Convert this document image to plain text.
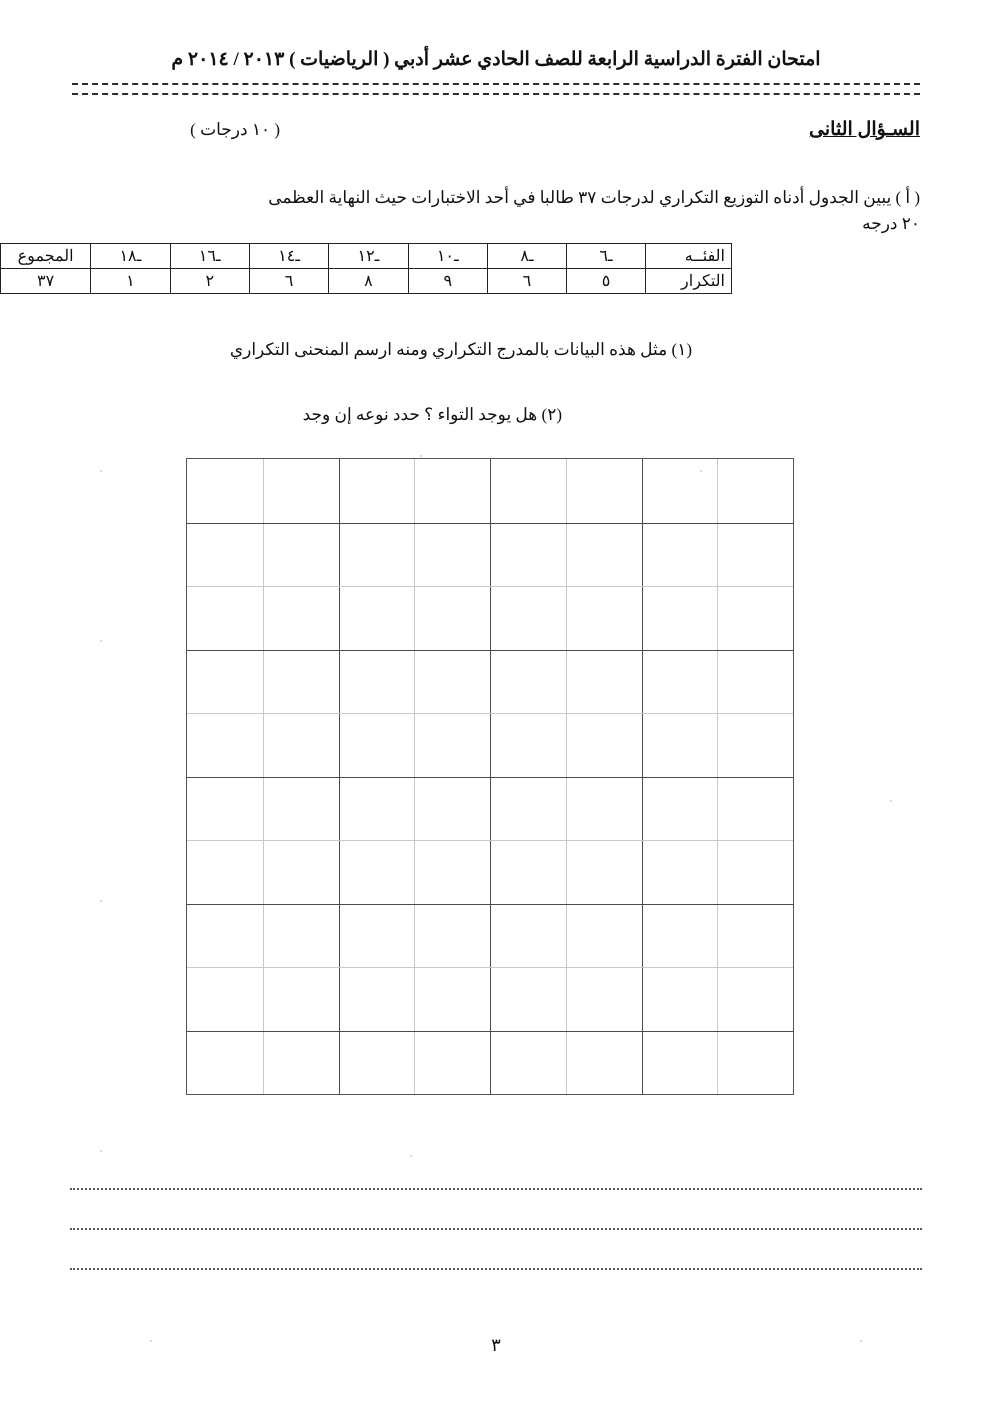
امتحان الفترة الدراسية الرابعة للصف الحادي عشر أدبي ( الرياضيات ) ٢٠١٣ / ٢٠١٤ م
السـؤال الثانى
( ١٠ درجات )
( أ ) يبين الجدول أدناه التوزيع التكراري لدرجات ٣٧ طالبا في أحد الاختبارات حيث النهاية العظمى
٢٠ درجه
الفئــه	ـ٦	ـ٨	ـ١٠	ـ١٢	ـ١٤	ـ١٦	ـ١٨	المجموع
التكرار	٥	٦	٩	٨	٦	٢	١	٣٧
(١) مثل هذه البيانات بالمدرج التكراري ومنه ارسم المنحنى التكراري
(٢) هل يوجد التواء ؟ حدد نوعه إن وجد
٣
